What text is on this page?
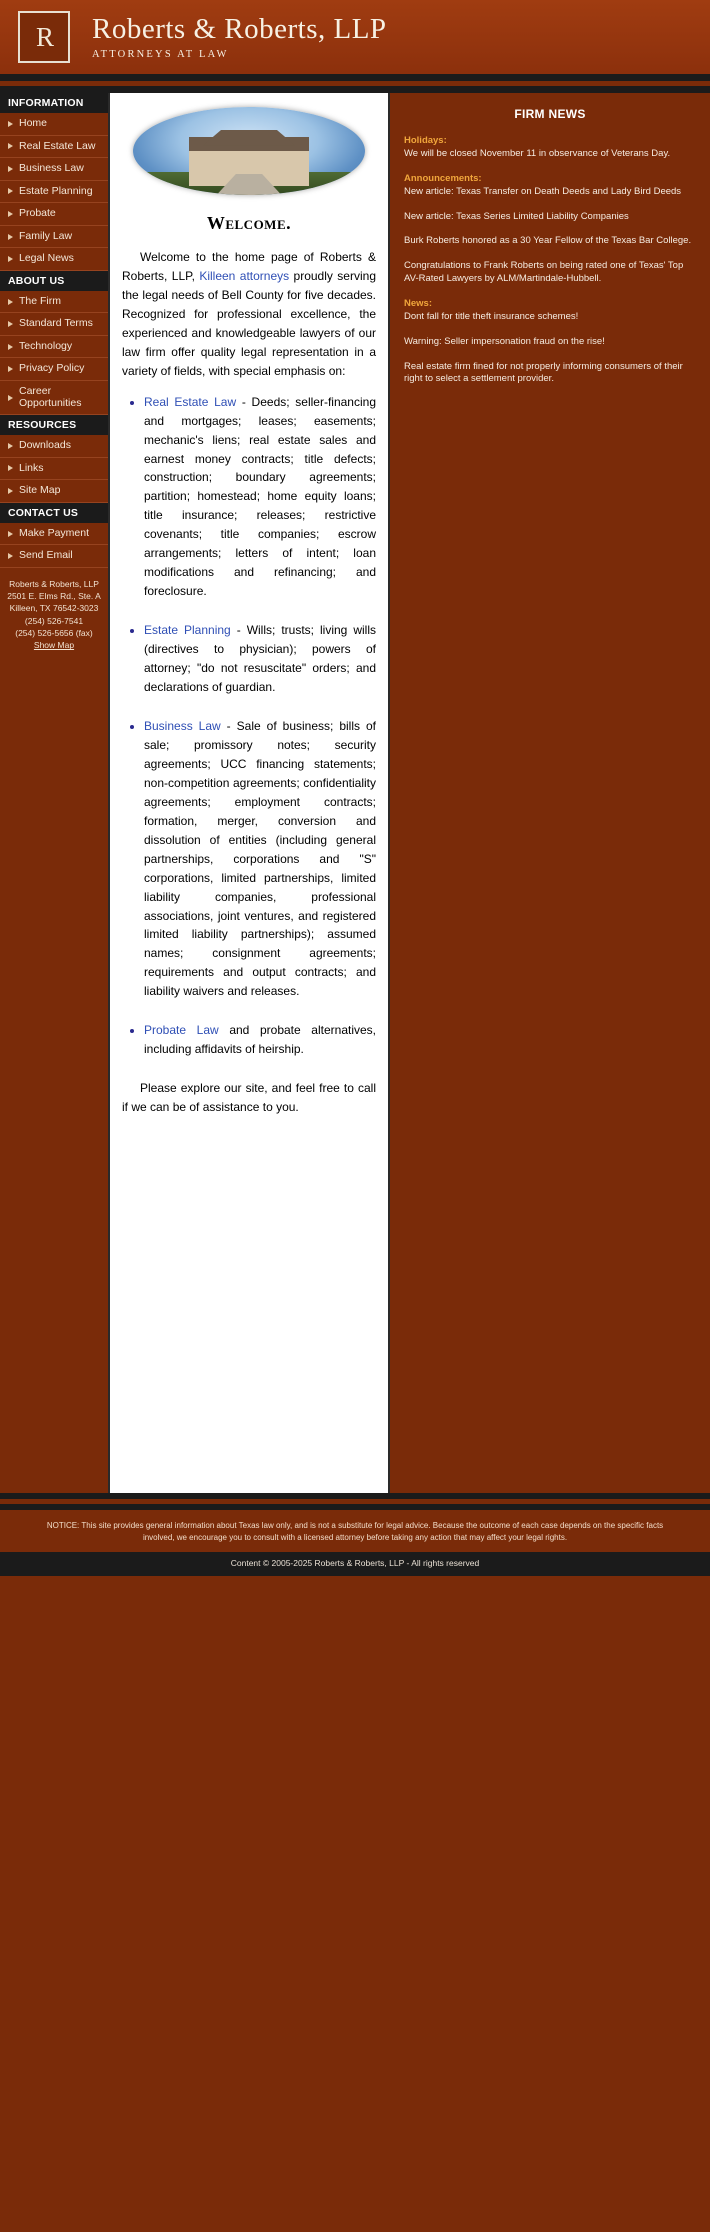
R	Roberts & Roberts, LLP
ATTORNEYS AT LAW
INFORMATION
Home
Real Estate Law
Business Law
Estate Planning
Probate
Family Law
Legal News
ABOUT US
The Firm
Standard Terms
Technology
Privacy Policy
Career Opportunities
RESOURCES
Downloads
Links
Site Map
CONTACT US
Make Payment
Send Email
Roberts & Roberts, LLP
2501 E. Elms Rd., Ste. A
Killeen, TX 76542-3023
(254) 526-7541
(254) 526-5656 (fax)
Show Map
Welcome.

Welcome to the home page of Roberts & Roberts, LLP, Killeen attorneys proudly serving the legal needs of Bell County for five decades. Recognized for professional excellence, the experienced and knowledgeable lawyers of our law firm offer quality legal representation in a variety of fields, with special emphasis on:

• Real Estate Law - Deeds; seller-financing and mortgages; leases; easements; mechanic's liens; real estate sales and earnest money contracts; title defects; construction; boundary agreements; partition; homestead; home equity loans; title insurance; releases; restrictive covenants; title companies; escrow arrangements; letters of intent; loan modifications and refinancing; and foreclosure.
• Estate Planning - Wills; trusts; living wills (directives to physician); powers of attorney; "do not resuscitate" orders; and declarations of guardian.
• Business Law - Sale of business; bills of sale; promissory notes; security agreements; UCC financing statements; non-competition agreements; confidentiality agreements; employment contracts; formation, merger, conversion and dissolution of entities (including general partnerships, corporations and "S" corporations, limited partnerships, limited liability companies, professional associations, joint ventures, and registered limited liability partnerships); assumed names; consignment agreements; requirements and output contracts; and liability waivers and releases.
• Probate Law and probate alternatives, including affidavits of heirship.

Please explore our site, and feel free to call if we can be of assistance to you.

FIRM NEWS
Holidays:
We will be closed November 11 in observance of Veterans Day.
Announcements:
New article: Texas Transfer on Death Deeds and Lady Bird Deeds
New article: Texas Series Limited Liability Companies
Burk Roberts honored as a 30 Year Fellow of the Texas Bar College.
Congratulations to Frank Roberts on being rated one of Texas' Top AV-Rated Lawyers by ALM/Martindale-Hubbell.
News:
Dont fall for title theft insurance schemes!
Warning: Seller impersonation fraud on the rise!
Real estate firm fined for not properly informing consumers of their right to select a settlement provider.
NOTICE: This site provides general information about Texas law only, and is not a substitute for legal advice. Because the outcome of each case depends on the specific facts involved, we encourage you to consult with a licensed attorney before taking any action that may affect your legal rights.
Content © 2005-2025 Roberts & Roberts, LLP - All rights reserved
